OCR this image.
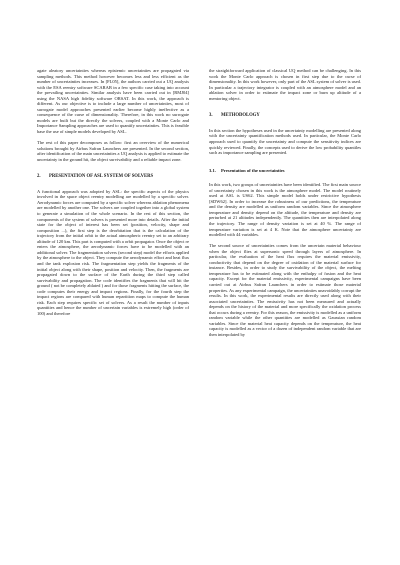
agate aleatory uncertainties whereas epistemic uncertainties are propagated via sampling methods. This method however becomes less and less efficient as the number of uncertainties increases. In [FL05], the authors carried out a UQ analysis with the ESA reentry software SCARAB in a few specific case taking into account the prevailing uncertainties. Similar analysis have been carried out in [RMJ04] using the NASA high fidelity software ORSAT. In this work, the approach is different. As our objective is to include a large number of uncertainties, most of surrogate model approaches presented earlier become highly ineffective as a consequence of the curse of dimensionality. Therefore, in this work no surrogate models are built but the directly the solvers, coupled with a Monte Carlo and Importance Sampling approaches are used to quantify uncertainties. This is feasible base the use of simple models developed by ASL.

The rest of this paper decomposes as follow: first an overview of the numerical solutions brought by Airbus Safran Launchers are presented. In the second section, after identification of the main uncertainties a UQ analysis is applied to estimate the uncertainty in the ground hit, the object survivability and a reliable impact zone.

2. PRESENTATION OF ASL SYSTEM OF SOLVERS

A functional approach was adopted by ASL: the specific aspects of the physics involved in the space object reentry modelling are modelled by a specific solver. Aerodynamic forces are computed by a specific solver whereas ablation phenomena are modelled by another one. The solvers are coupled together into a global system to generate a simulation of the whole scenario. In the rest of this section, the components of the system of solvers is presented more into details. After the initial state for the object of interest has been set (position, velocity, shape and composition ...), the first step is the deorbitation that is the calculation of the trajectory from the initial orbit to the actual atmospheric reentry set to an arbitrary altitude of 120 km. This part is computed with a orbit propagator. Once the object re enters the atmosphere, the aerodynamic forces have to be modelled with an additional solver. The fragmentation solvers (second step) model the efforts applied by the atmosphere to the object. They compute the aerodynamic effort and heat flux and the tank explosion risk. The fragmentation step yields the fragments of the initial object along with their shape, position and velocity. Then, the fragments are propagated down to the surface of the Earth during the third step called survivability and propagation. The code identifies the fragments that will hit the ground ( not be completely ablated ) and for those fragments hitting the surface, the code computes their energy and impact regions. Finally, for the fourth step the impact regions are compared with human repartition maps to compute the human risk. Each step requires specific set of solvers. As a result the number of inputs quantities and hence the number of uncertain variables is extremely high (order of 100) and therefore

the straightforward application of classical UQ method can be challenging. In this work the Monte Carlo approach is chosen in first step due to the curse of dimensionality. In this work however, only part of the ASL system of solver is used. In particular a trajectory integrator is coupled with an atmosphere model and an ablation solver in order to estimate the impact zone or burn up altitude of a mentoring object.

3. METHODOLOGY

In this section the hypotheses used in the uncertainty modelling are presented along with the uncertainty quantification methods used. In particular, the Monte Carlo approach used to quantify the uncertainty and compute the sensitivity indices are quickly reviewed. Finally, the concepts used to derive the low probability quantiles such as importance sampling are presented.

3.1. Presentation of the uncertainties

In this work, two groups of uncertainties have been identified. The first main source of uncertainty chosen in this work is the atmosphere model. The model routinely used at ASL is US62. This simple model holds under restrictive hypothesis [SDW62]. In order to increase the robustness of our predictions, the temperature and the density are modelled as uniform random variables. Since the atmosphere temperature and density depend on the altitude, the temperature and density are perturbed at 21 altitudes independently. The quantities then are interpolated along the trajectory. The range of density variation is set at 40 %. The range of temperature variation is set at 4 K. Note that the atmosphere uncertainty are modelled with 44 variables.

The second source of uncertainties comes from the uncertain material behaviour when the object flies at supersonic speed through layers of atmosphere. In particular, the evaluation of the heat flux requires the material emissivity, conductivity that depend on the degree of oxidation of the material surface for instance. Besides, in order to study the survivability of the object, the melting temperature has to be estimated along with the enthalpy of fusion and the heat capacity. Except for the material emissivity, experimental campaigns have been carried out at Airbus Safran Launchers in order to estimate those material properties. As any experimental campaign, the uncertainties unavoidably corrupt the results. In this work, the experimental results are directly used along with their associated uncertainties. The emissivity has not been measured and actually depends on the history of the material and more specifically the oxidation process that occurs during a reentry. For this reason, the emissivity is modelled as a uniform random variable while the other quantities are modelled as Gaussian random variables. Since the material heat capacity depends on the temperature, the heat capacity is modelled as a vector of a dozen of independent random variable that are then interpolated by
